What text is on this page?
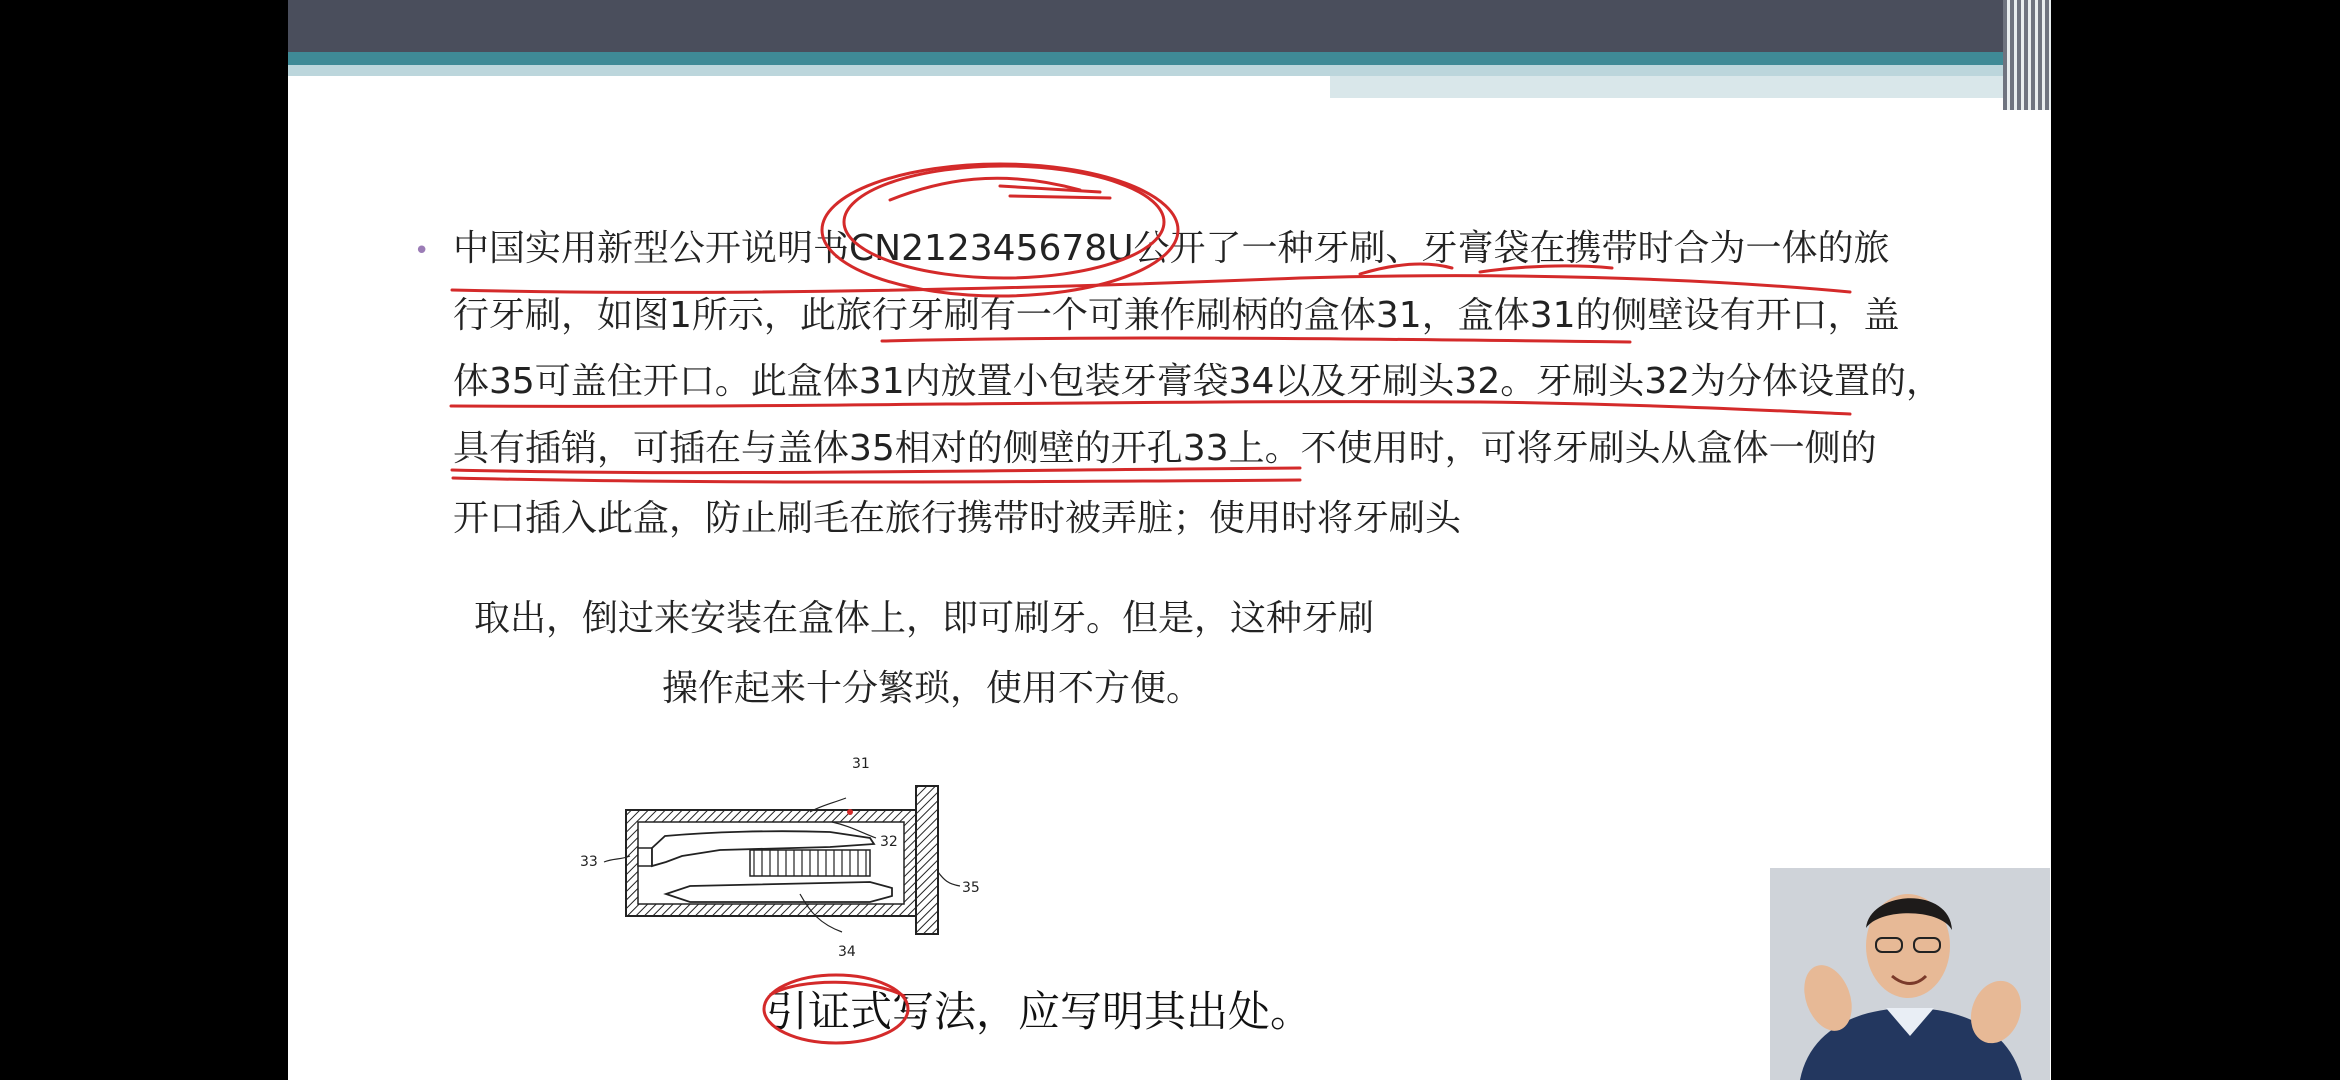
• 中国实用新型公开说明书CN212345678U公开了一种牙刷、牙膏袋在携带时合为一体的旅

行牙刷，如图1所示，此旅行牙刷有一个可兼作刷柄的盒体31，盒体31的侧壁设有开口，盖

体35可盖住开口。此盒体31内放置小包装牙膏袋34以及牙刷头32。牙刷头32为分体设置的，

具有插销，可插在与盖体35相对的侧壁的开孔33上。不使用时，可将牙刷头从盒体一侧的

开口插入此盒，防止刷毛在旅行携带时被弄脏；使用时将牙刷头

取出，倒过来安装在盒体上，即可刷牙。但是，这种牙刷

操作起来十分繁琐，使用不方便。

31
32
33
34
35

引证式写法，应写明其出处。
